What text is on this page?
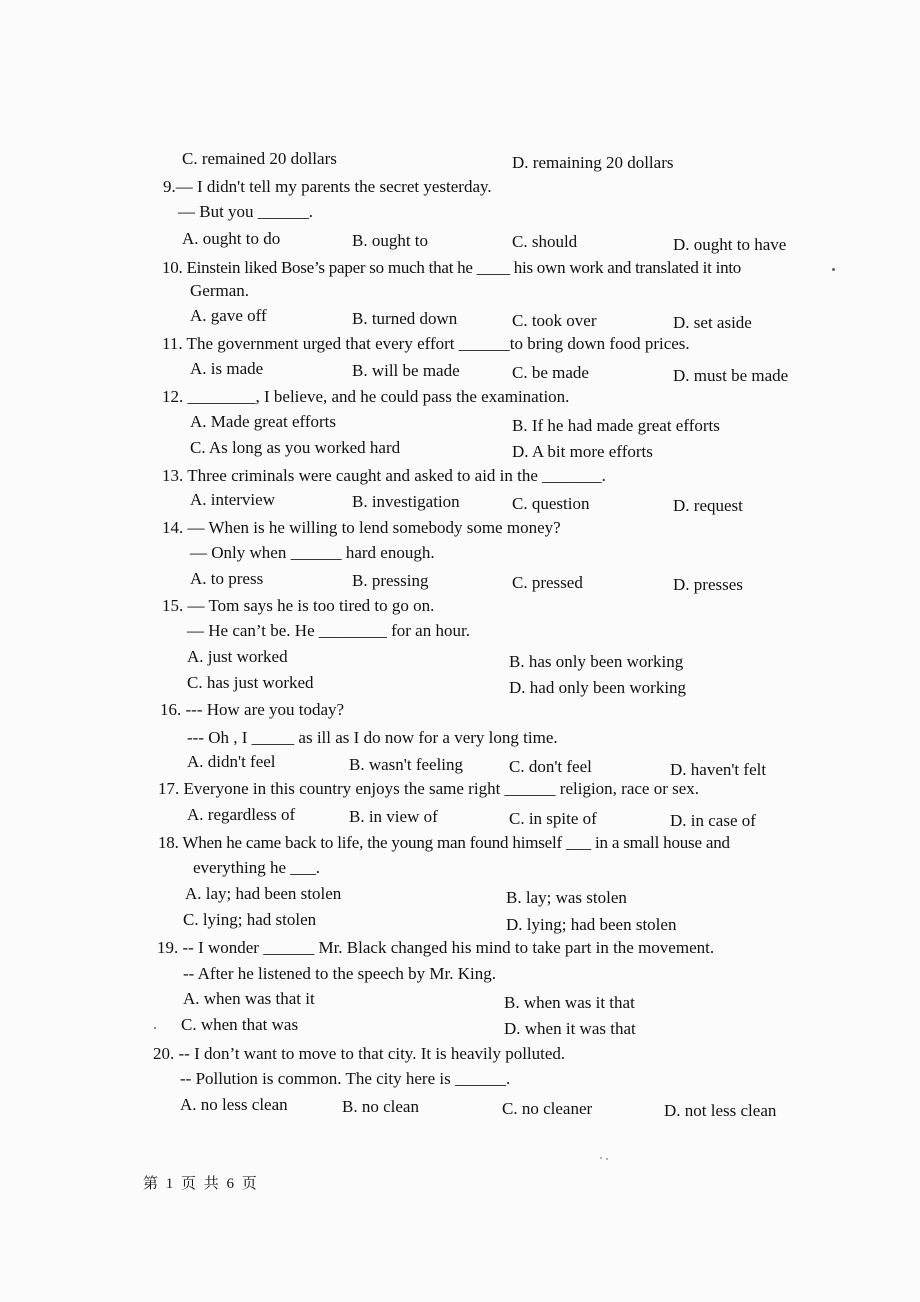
C. remained 20 dollars	D. remaining 20 dollars
9.— I didn't tell my parents the secret yesterday.
— But you ______.
A. ought to do	B. ought to	C. should	D. ought to have
10. Einstein liked Bose’s paper so much that he ____ his own work and translated it into
German.
A. gave off	B. turned down	C. took over	D. set aside
11. The government urged that every effort ______to bring down food prices.
A. is made	B. will be made	C. be made	D. must be made
12. ________, I believe, and he could pass the examination.
A. Made great efforts	B. If he had made great efforts
C. As long as you worked hard	D. A bit more efforts
13. Three criminals were caught and asked to aid in the _______.
A. interview	B. investigation	C. question	D. request
14. — When is he willing to lend somebody some money?
— Only when ______ hard enough.
A. to press	B. pressing	C. pressed	D. presses
15. — Tom says he is too tired to go on.
— He can’t be. He ________ for an hour.
A. just worked	B. has only been working
C. has just worked	D. had only been working
16. --- How are you today?
--- Oh , I _____ as ill as I do now for a very long time.
A. didn't feel	B. wasn't feeling	C. don't feel	D. haven't felt
17. Everyone in this country enjoys the same right ______ religion, race or sex.
A. regardless of	B. in view of	C. in spite of	D. in case of
18. When he came back to life, the young man found himself ___ in a small house and
everything he ___.
A. lay; had been stolen	B. lay; was stolen
C. lying; had stolen	D. lying; had been stolen
19. -- I wonder ______ Mr. Black changed his mind to take part in the movement.
-- After he listened to the speech by Mr. King.
A. when was that it	B. when was it that
C. when that was	D. when it was that
20. -- I don’t want to move to that city. It is heavily polluted.
-- Pollution is common. The city here is ______.
A. no less clean	B. no clean	C. no cleaner	D. not less clean
第 1 页 共 6 页
